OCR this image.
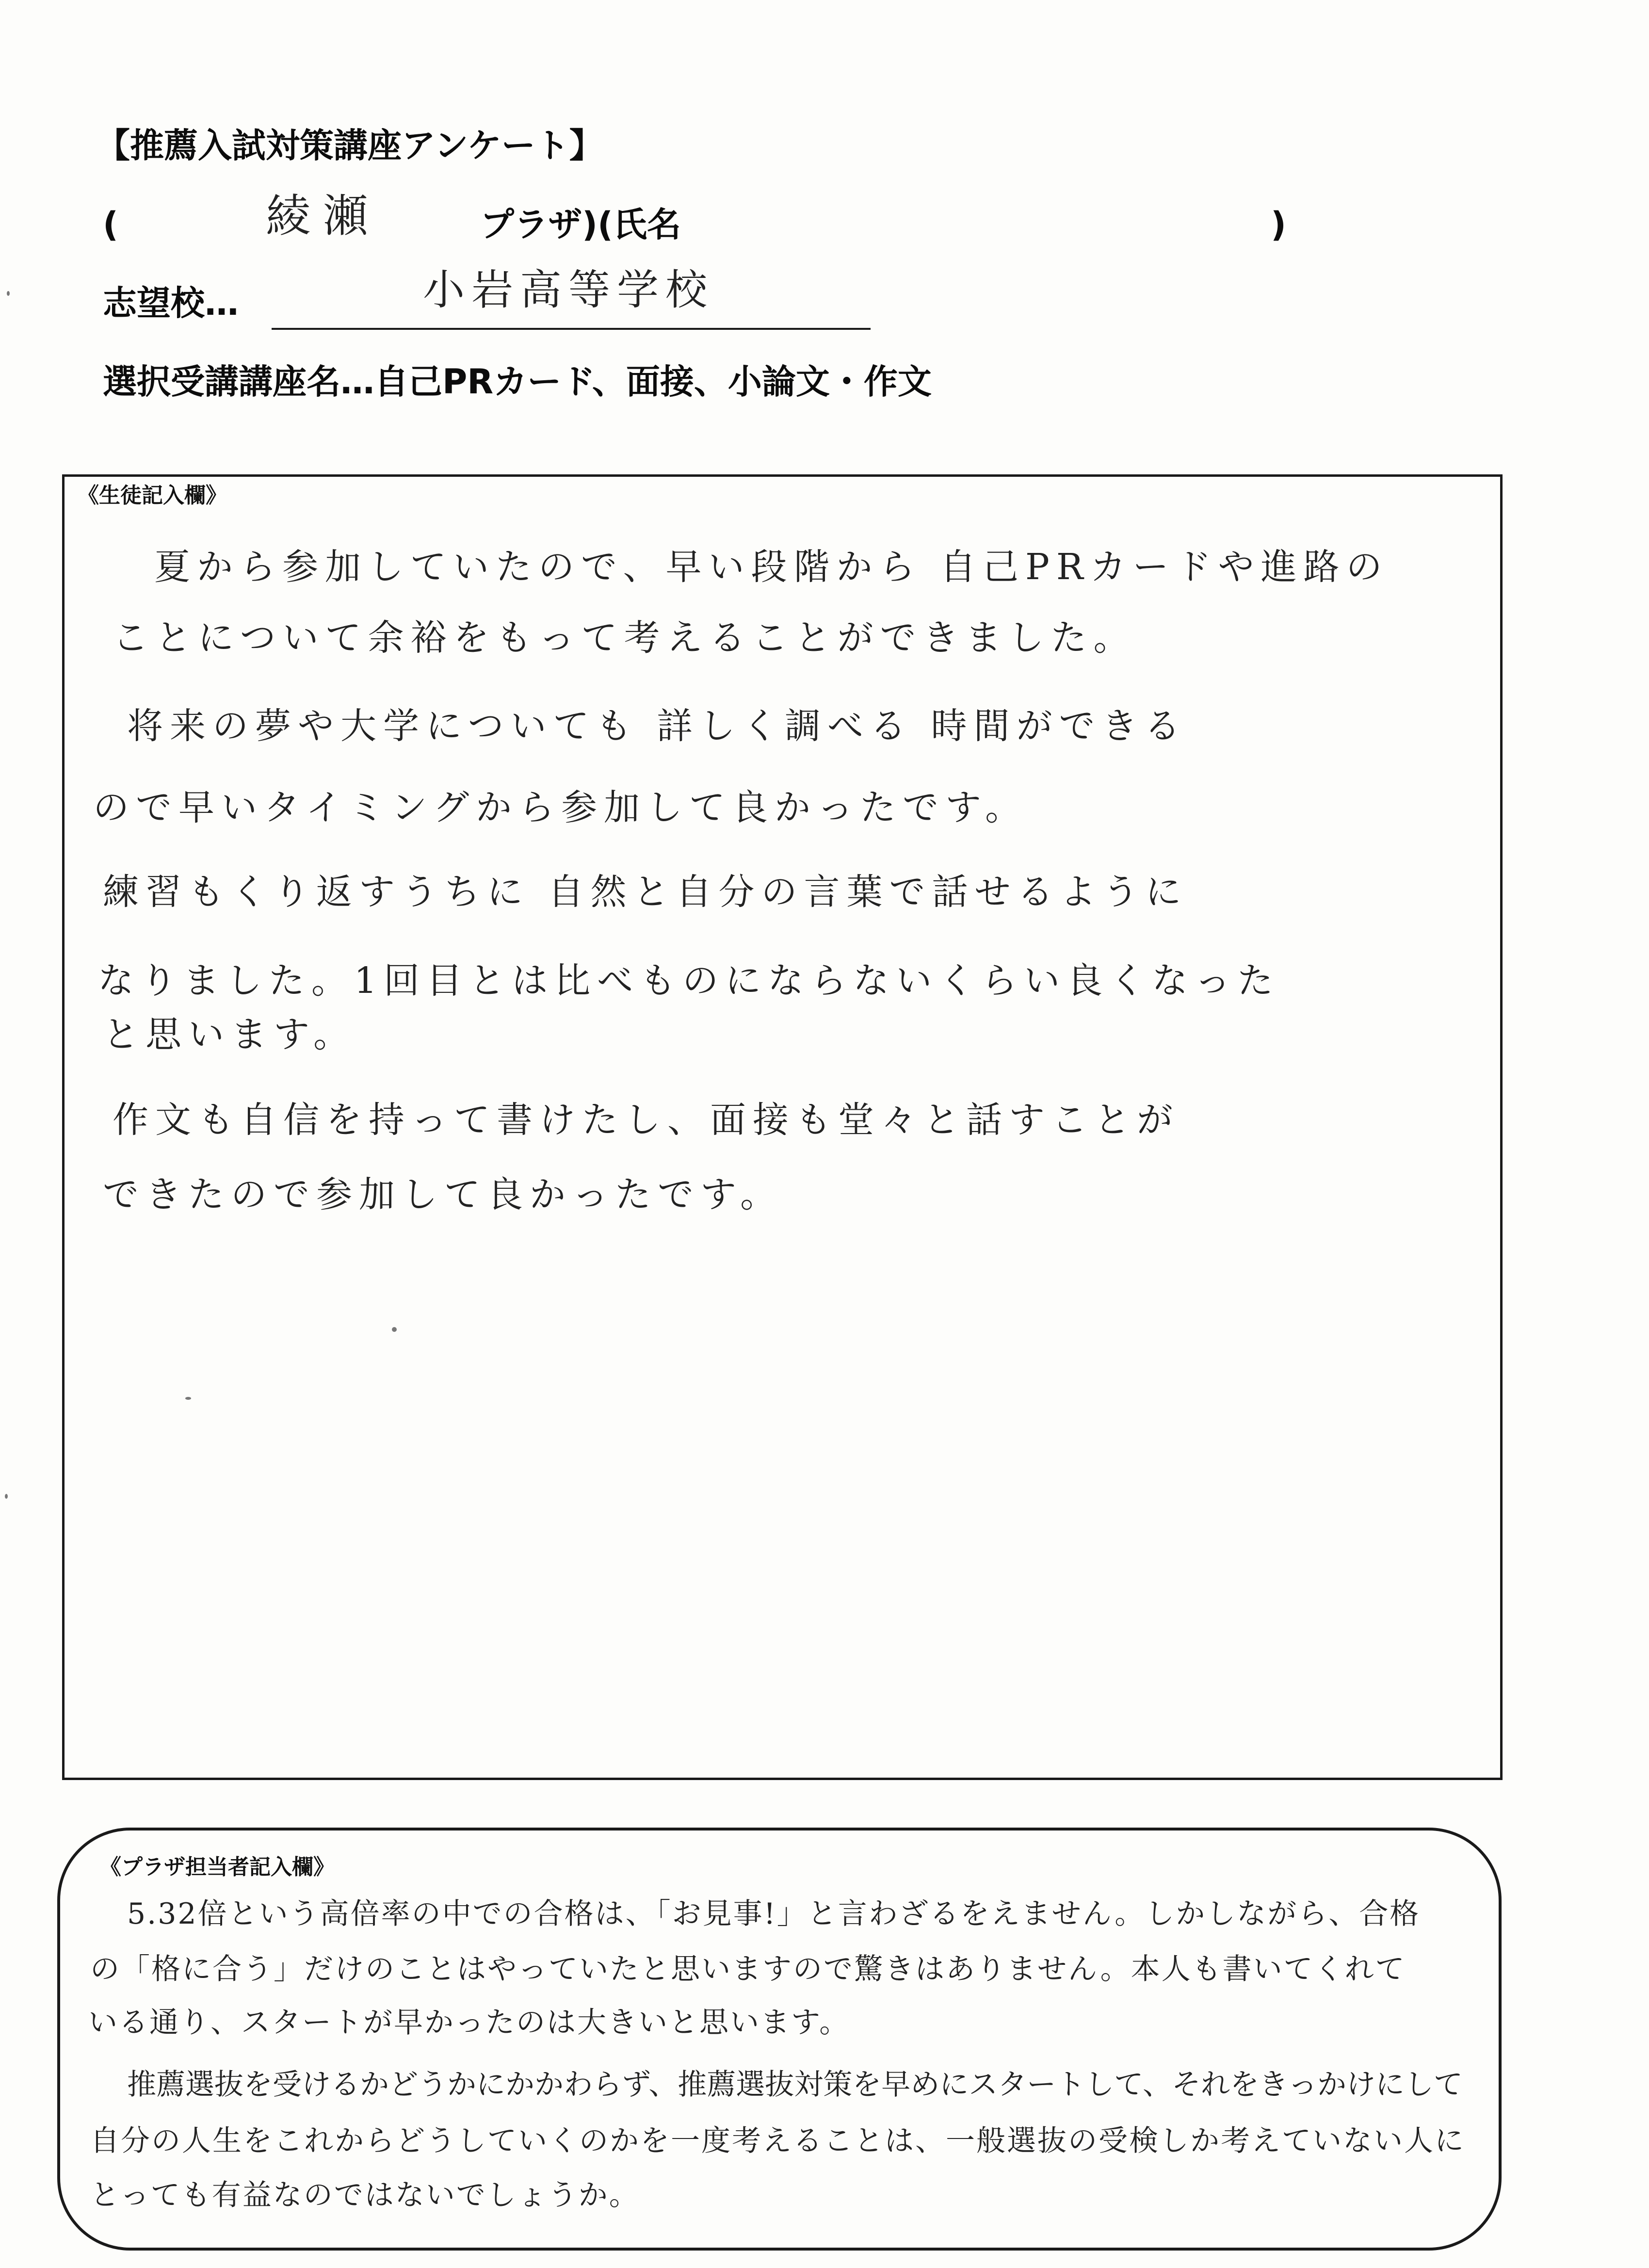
【推薦入試対策講座アンケート】
(	綾瀬	プラザ)(氏名	)
志望校…	小岩高等学校
選択受講講座名…自己PRカード、面接、小論文・作文
《生徒記入欄》
夏から参加していたので、早い段階から 自己PRカードや進路の
ことについて余裕をもって考えることができました。
将来の夢や大学についても 詳しく調べる 時間ができる
ので早いタイミングから参加して良かったです。
練習もくり返すうちに 自然と自分の言葉で話せるように
なりました。1回目とは比べものにならないくらい良くなった
と思います。
作文も自信を持って書けたし、面接も堂々と話すことが
できたので参加して良かったです。
《プラザ担当者記入欄》
5.32倍という高倍率の中での合格は、「お見事!」と言わざるをえません。しかしながら、合格
の「格に合う」だけのことはやっていたと思いますので驚きはありません。本人も書いてくれて
いる通り、スタートが早かったのは大きいと思います。
推薦選抜を受けるかどうかにかかわらず、推薦選抜対策を早めにスタートして、それをきっかけにして
自分の人生をこれからどうしていくのかを一度考えることは、一般選抜の受検しか考えていない人に
とっても有益なのではないでしょうか。
